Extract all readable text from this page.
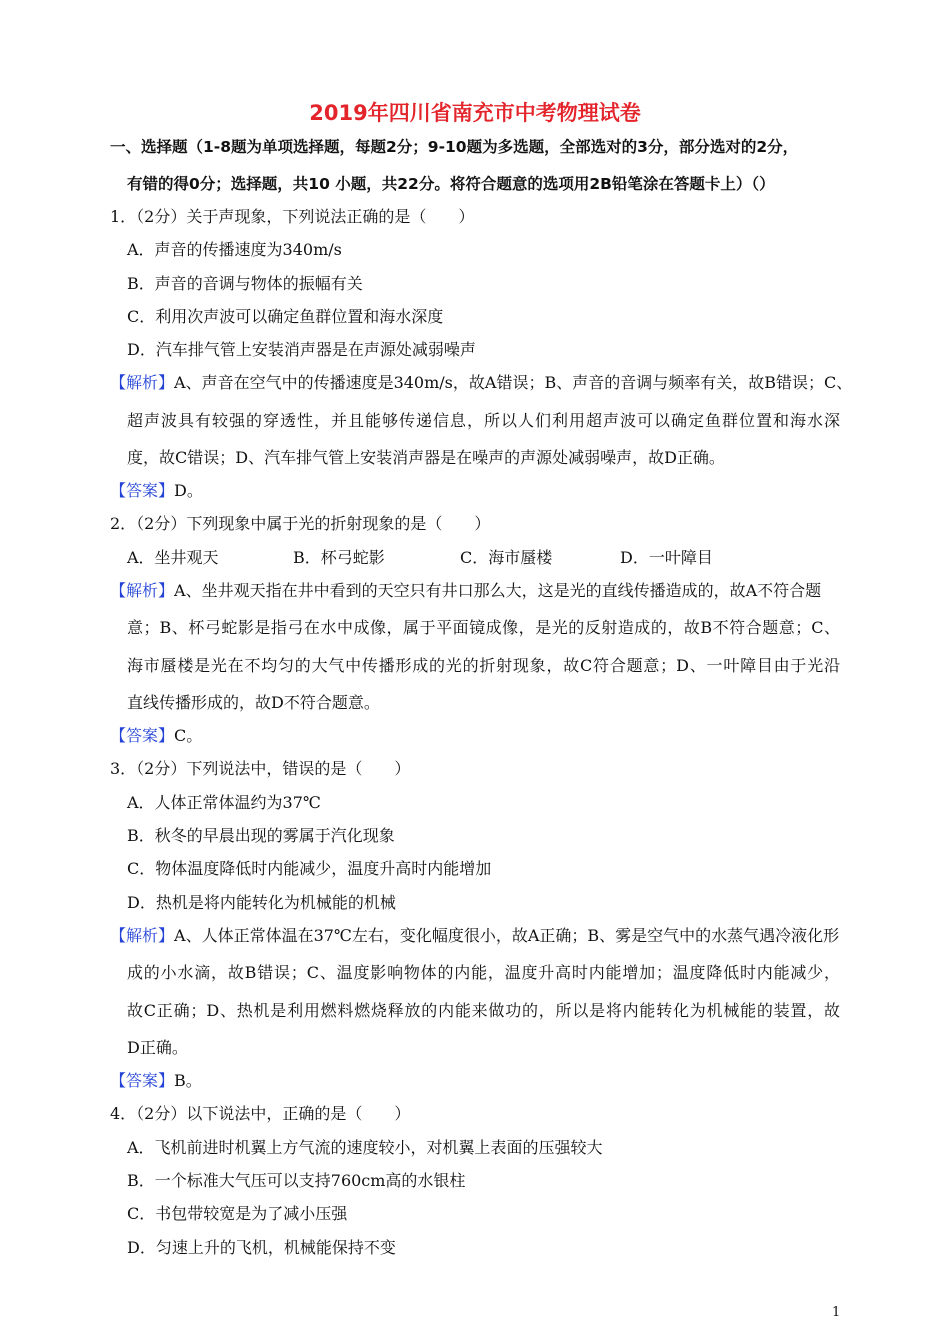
2019年四川省南充市中考物理试卷
一、选择题（1-8题为单项选择题，每题2分；9-10题为多选题，全部选对的3分，部分选对的2分，
有错的得0分；选择题，共10 小题，共22分。将符合题意的选项用2B铅笔涂在答题卡上）（）
1．（2分）关于声现象，下列说法正确的是（　　）
A．声音的传播速度为340m/s
B．声音的音调与物体的振幅有关
C．利用次声波可以确定鱼群位置和海水深度
D．汽车排气管上安装消声器是在声源处减弱噪声
【解析】A、声音在空气中的传播速度是340m/s，故A错误；B、声音的音调与频率有关，故B错误；C、
超声波具有较强的穿透性，并且能够传递信息，所以人们利用超声波可以确定鱼群位置和海水深
度，故C错误；D、汽车排气管上安装消声器是在噪声的声源处减弱噪声，故D正确。
【答案】D。
2．（2分）下列现象中属于光的折射现象的是（　　）
A．坐井观天	B．杯弓蛇影	C．海市蜃楼	D．一叶障目
【解析】A、坐井观天指在井中看到的天空只有井口那么大，这是光的直线传播造成的，故A不符合题
意；B、杯弓蛇影是指弓在水中成像，属于平面镜成像，是光的反射造成的，故B不符合题意；C、
海市蜃楼是光在不均匀的大气中传播形成的光的折射现象，故C符合题意；D、一叶障目由于光沿
直线传播形成的，故D不符合题意。
【答案】C。
3．（2分）下列说法中，错误的是（　　）
A．人体正常体温约为37℃
B．秋冬的早晨出现的雾属于汽化现象
C．物体温度降低时内能减少，温度升高时内能增加
D．热机是将内能转化为机械能的机械
【解析】A、人体正常体温在37℃左右，变化幅度很小，故A正确；B、雾是空气中的水蒸气遇冷液化形
成的小水滴，故B错误；C、温度影响物体的内能，温度升高时内能增加；温度降低时内能减少，
故C正确；D、热机是利用燃料燃烧释放的内能来做功的，所以是将内能转化为机械能的装置，故
D正确。
【答案】B。
4．（2分）以下说法中，正确的是（　　）
A．飞机前进时机翼上方气流的速度较小，对机翼上表面的压强较大
B．一个标准大气压可以支持760cm高的水银柱
C．书包带较宽是为了减小压强
D．匀速上升的飞机，机械能保持不变
1
